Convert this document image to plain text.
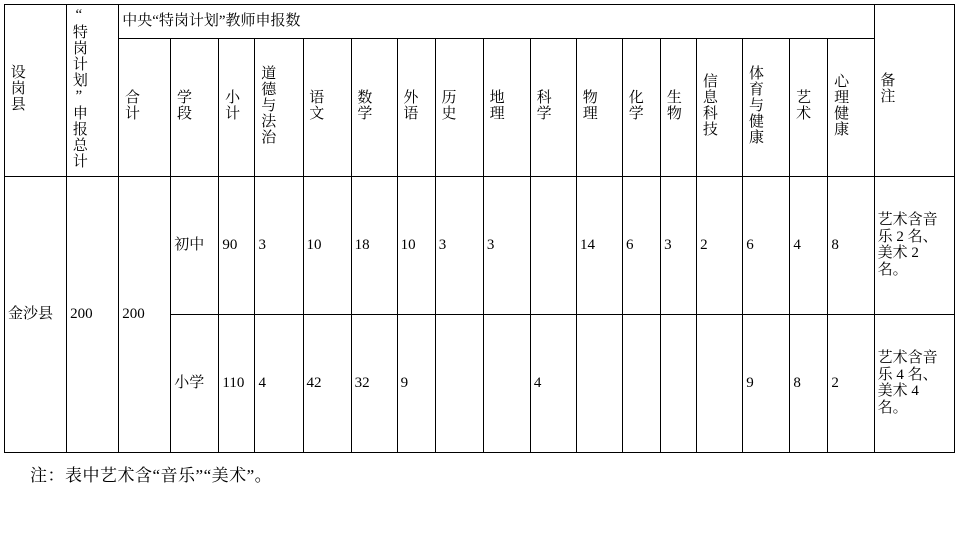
设岗县	“特岗计划”申报总计	中央“特岗计划”教师申报数																	备注
		合计	学段	小计	道德与法治	语文	数学	外语	历史	地理	科学	物理	化学	生物	信息科技	体育与健康	艺术	心理健康	
金沙县	200	200	初中	90	3	10	18	10	3	3		14	6	3	2	6	4	8	艺术含音乐 2 名、美术 2 名。
			小学	110	4	42	32	9			4					9	8	2	艺术含音乐 4 名、美术 4 名。
注：表中艺术含“音乐”“美术”。
